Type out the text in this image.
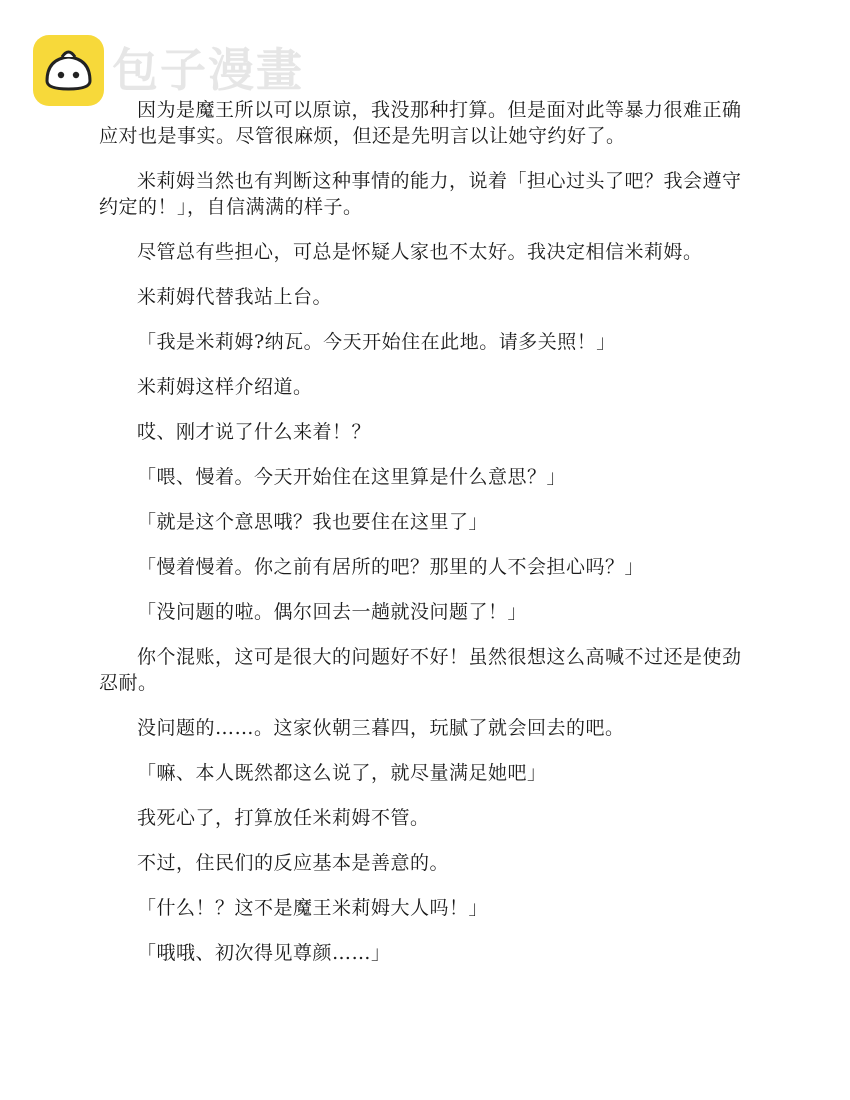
包子漫畫

因为是魔王所以可以原谅，我没那种打算。但是面对此等暴力很难正确应对也是事实。尽管很麻烦，但还是先明言以让她守约好了。

米莉姆当然也有判断这种事情的能力，说着「担心过头了吧？我会遵守约定的！」，自信满满的样子。

尽管总有些担心，可总是怀疑人家也不太好。我决定相信米莉姆。

米莉姆代替我站上台。

「我是米莉姆?纳瓦。今天开始住在此地。请多关照！」

米莉姆这样介绍道。

哎、刚才说了什么来着！？

「喂、慢着。今天开始住在这里算是什么意思？」

「就是这个意思哦？我也要住在这里了」

「慢着慢着。你之前有居所的吧？那里的人不会担心吗？」

「没问题的啦。偶尔回去一趟就没问题了！」

你个混账，这可是很大的问题好不好！虽然很想这么高喊不过还是使劲忍耐。

没问题的……。这家伙朝三暮四，玩腻了就会回去的吧。

「嘛、本人既然都这么说了，就尽量满足她吧」

我死心了，打算放任米莉姆不管。

不过，住民们的反应基本是善意的。

「什么！？这不是魔王米莉姆大人吗！」

「哦哦、初次得见尊颜……」
